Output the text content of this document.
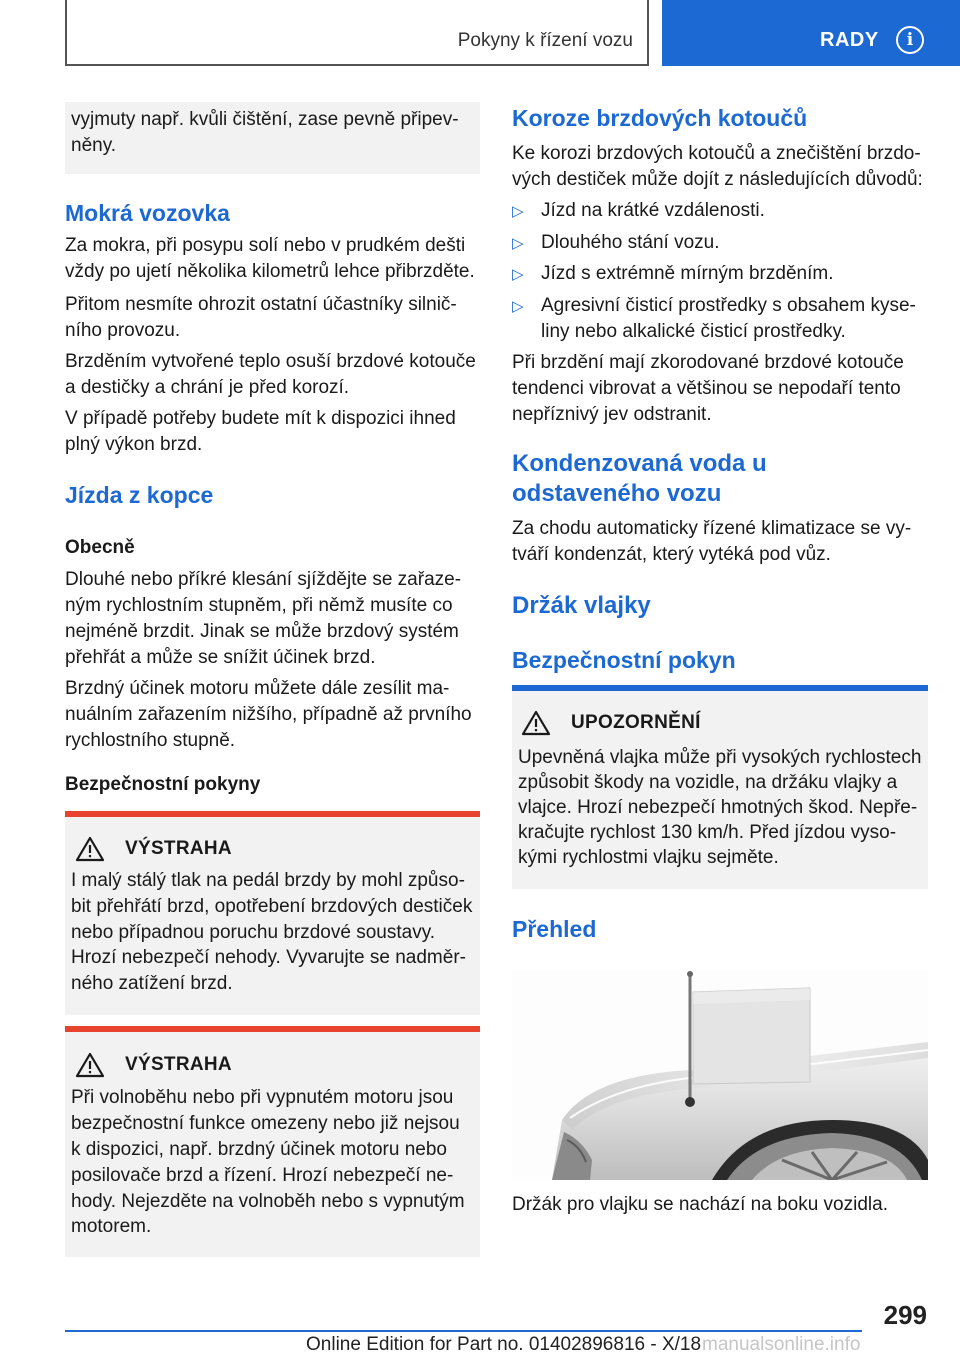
Pokyny k řízení vozu	RADY	i
vyjmuty např. kvůli čištění, zase pevně připev-
něny.
Mokrá vozovka
Za mokra, při posypu solí nebo v prudkém dešti
vždy po ujetí několika kilometrů lehce přibrzděte.
Přitom nesmíte ohrozit ostatní účastníky silnič-
ního provozu.
Brzděním vytvořené teplo osuší brzdové kotouče
a destičky a chrání je před korozí.
V případě potřeby budete mít k dispozici ihned
plný výkon brzd.
Jízda z kopce
Obecně
Dlouhé nebo příkré klesání sjíždějte se zařaze-
ným rychlostním stupněm, při němž musíte co
nejméně brzdit. Jinak se může brzdový systém
přehřát a může se snížit účinek brzd.
Brzdný účinek motoru můžete dále zesílit ma-
nuálním zařazením nižšího, případně až prvního
rychlostního stupně.
Bezpečnostní pokyny
VÝSTRAHA
I malý stálý tlak na pedál brzdy by mohl způso-
bit přehřátí brzd, opotřebení brzdových destiček
nebo případnou poruchu brzdové soustavy.
Hrozí nebezpečí nehody. Vyvarujte se nadměr-
ného zatížení brzd.
VÝSTRAHA
Při volnoběhu nebo při vypnutém motoru jsou
bezpečnostní funkce omezeny nebo již nejsou
k dispozici, např. brzdný účinek motoru nebo
posilovače brzd a řízení. Hrozí nebezpečí ne-
hody. Nejezděte na volnoběh nebo s vypnutým
motorem.
Koroze brzdových kotoučů
Ke korozi brzdových kotoučů a znečištění brzdo-
vých destiček může dojít z následujících důvodů:
▷ Jízd na krátké vzdálenosti.
▷ Dlouhého stání vozu.
▷ Jízd s extrémně mírným brzděním.
▷ Agresivní čisticí prostředky s obsahem kyse-
liny nebo alkalické čisticí prostředky.
Při brzdění mají zkorodované brzdové kotouče
tendenci vibrovat a většinou se nepodaří tento
nepříznivý jev odstranit.
Kondenzovaná voda u
odstaveného vozu
Za chodu automaticky řízené klimatizace se vy-
tváří kondenzát, který vytéká pod vůz.
Držák vlajky
Bezpečnostní pokyn
UPOZORNĚNÍ
Upevněná vlajka může při vysokých rychlostech
způsobit škody na vozidle, na držáku vlajky a
vlajce. Hrozí nebezpečí hmotných škod. Nepře-
kračujte rychlost 130 km/h. Před jízdou vyso-
kými rychlostmi vlajku sejměte.
Přehled
Držák pro vlajku se nachází na boku vozidla.
299
Online Edition for Part no. 01402896816 - X/18 manualsonline.info
